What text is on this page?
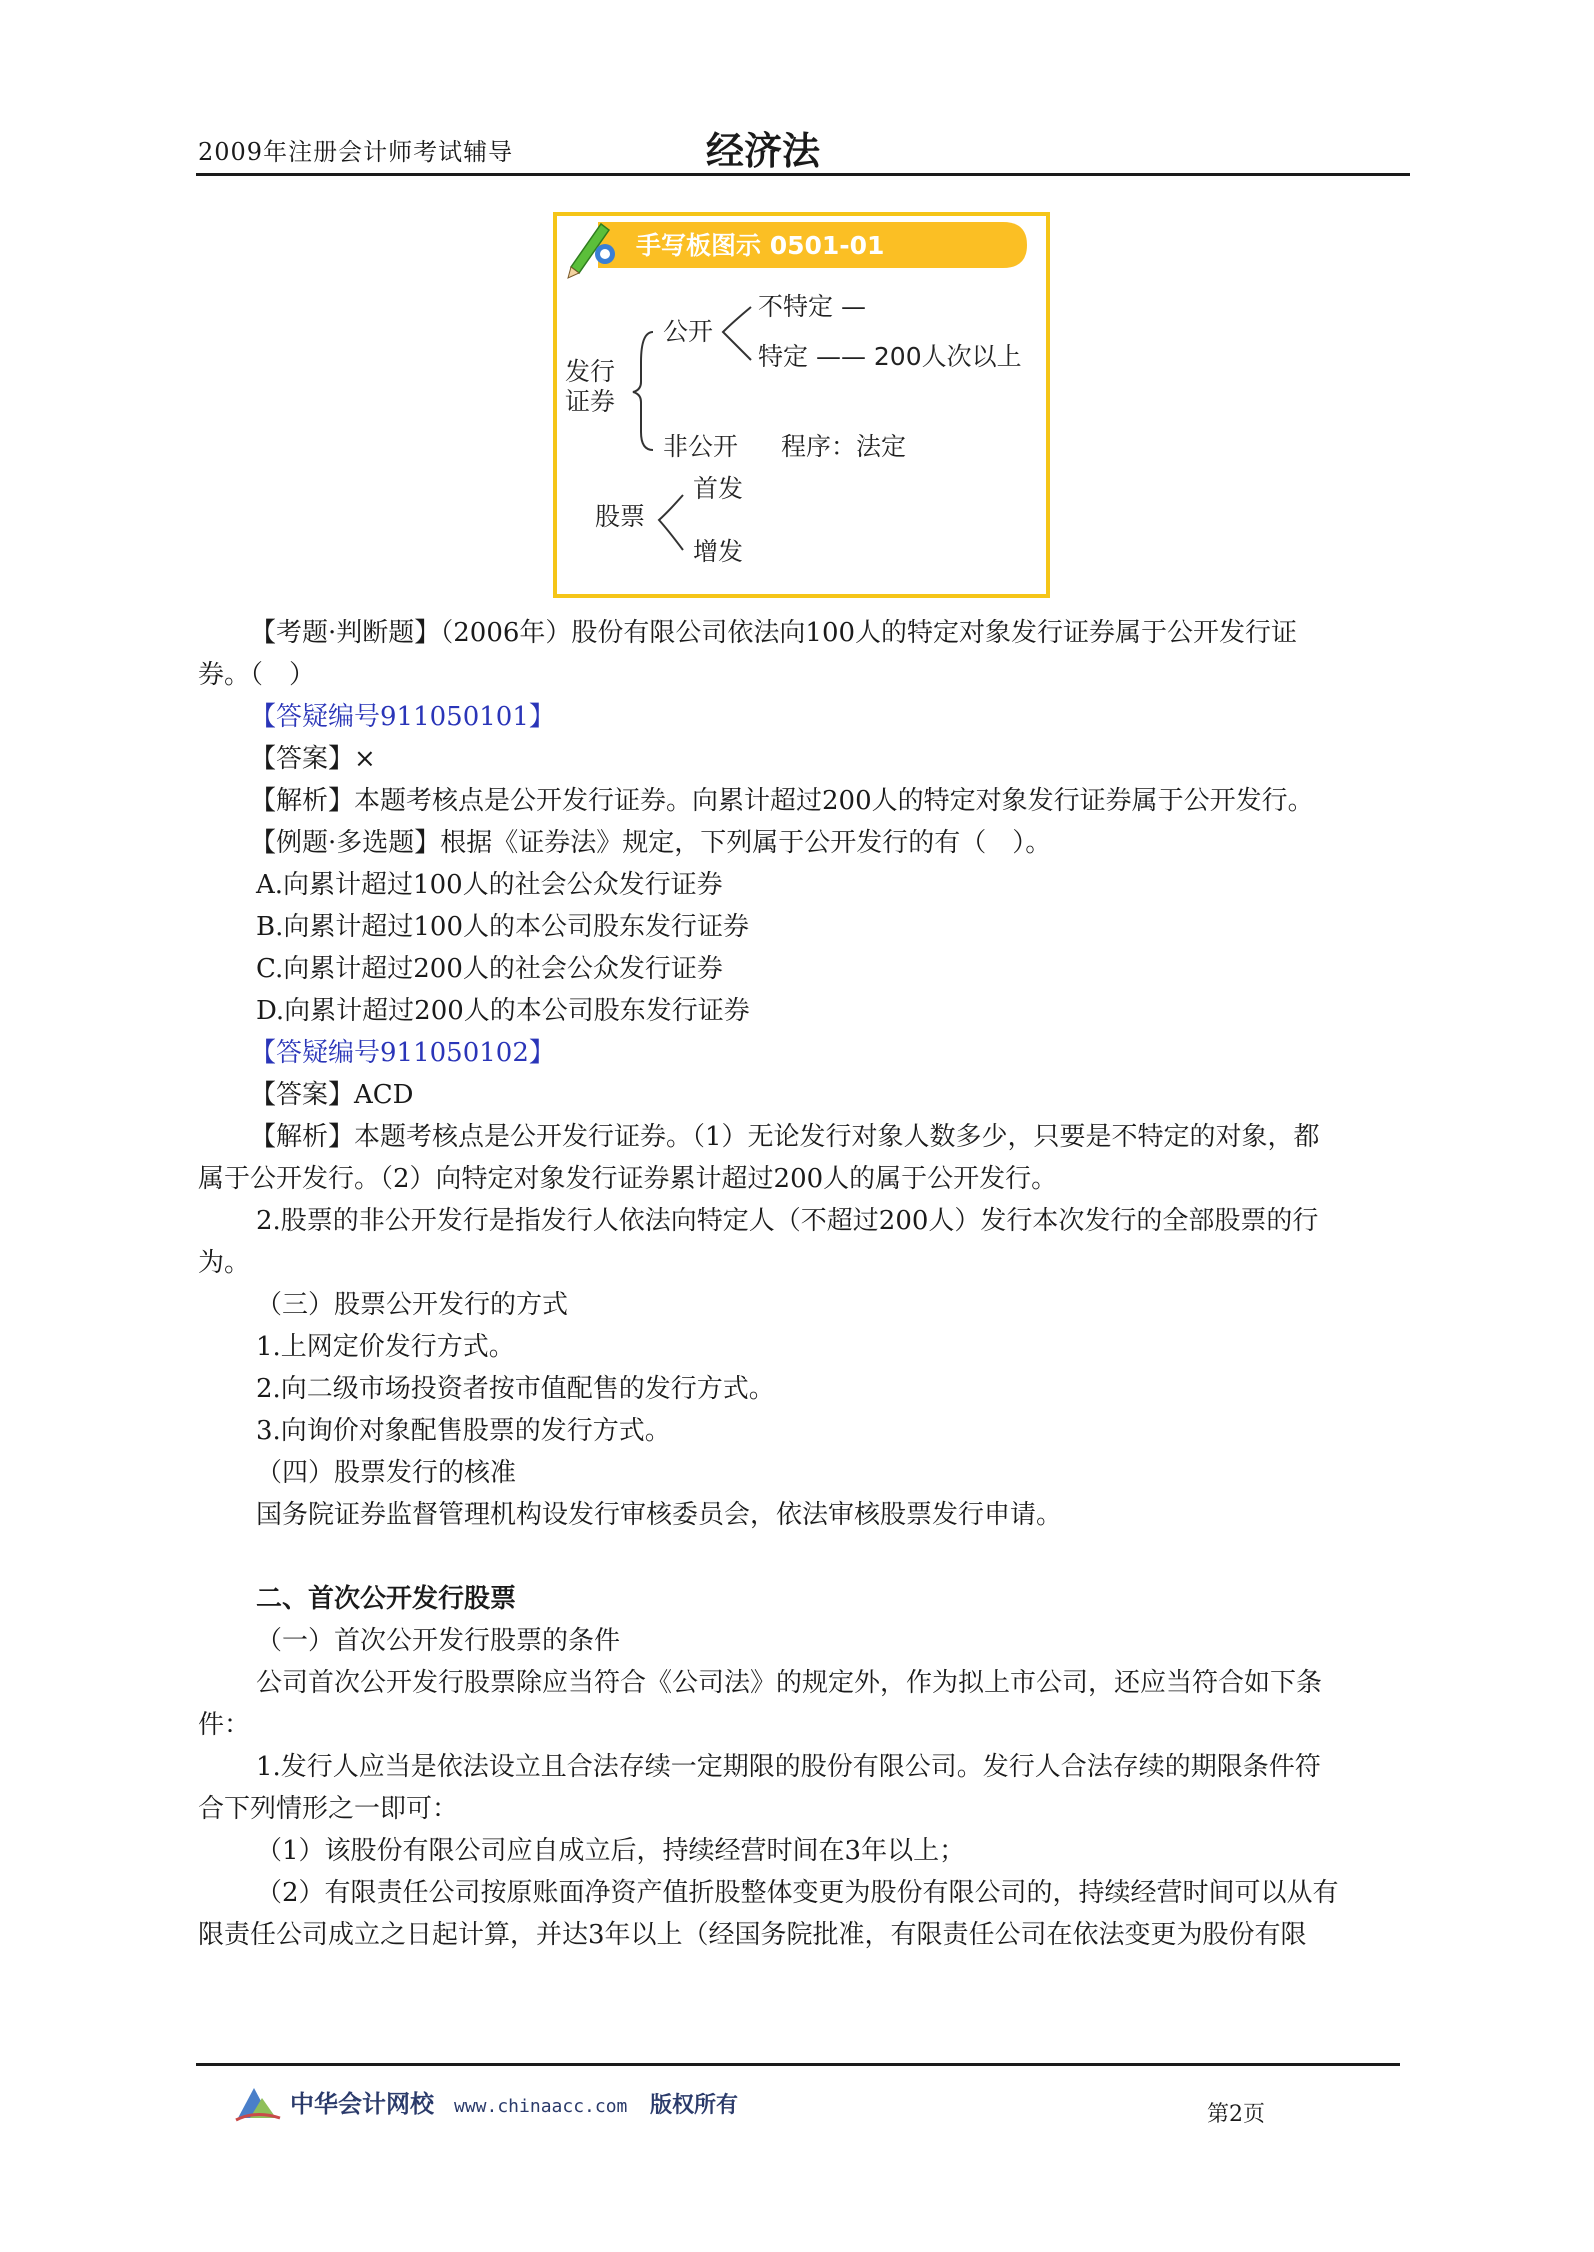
2009年注册会计师考试辅导	经济法
手写板图示 0501-01
发行
证券
公开
不特定 —
特定 —— 200人次以上
非公开 程序：法定
股票
首发
增发

【考题·判断题】（2006年）股份有限公司依法向100人的特定对象发行证券属于公开发行证

券。（　）

【答疑编号911050101】

【答案】×

【解析】本题考核点是公开发行证券。向累计超过200人的特定对象发行证券属于公开发行。

【例题·多选题】根据《证券法》规定，下列属于公开发行的有（　）。

A.向累计超过100人的社会公众发行证券

B.向累计超过100人的本公司股东发行证券

C.向累计超过200人的社会公众发行证券

D.向累计超过200人的本公司股东发行证券

【答疑编号911050102】

【答案】ACD

【解析】本题考核点是公开发行证券。（1）无论发行对象人数多少，只要是不特定的对象，都

属于公开发行。（2）向特定对象发行证券累计超过200人的属于公开发行。

2.股票的非公开发行是指发行人依法向特定人（不超过200人）发行本次发行的全部股票的行

为。

（三）股票公开发行的方式

1.上网定价发行方式。

2.向二级市场投资者按市值配售的发行方式。

3.向询价对象配售股票的发行方式。

（四）股票发行的核准

国务院证券监督管理机构设发行审核委员会，依法审核股票发行申请。

二、首次公开发行股票

（一）首次公开发行股票的条件

公司首次公开发行股票除应当符合《公司法》的规定外，作为拟上市公司，还应当符合如下条

件：

1.发行人应当是依法设立且合法存续一定期限的股份有限公司。发行人合法存续的期限条件符

合下列情形之一即可：

（1）该股份有限公司应自成立后，持续经营时间在3年以上；

（2）有限责任公司按原账面净资产值折股整体变更为股份有限公司的，持续经营时间可以从有

限责任公司成立之日起计算，并达3年以上（经国务院批准，有限责任公司在依法变更为股份有限

中华会计网校 www.chinaacc.com 版权所有	第2页
